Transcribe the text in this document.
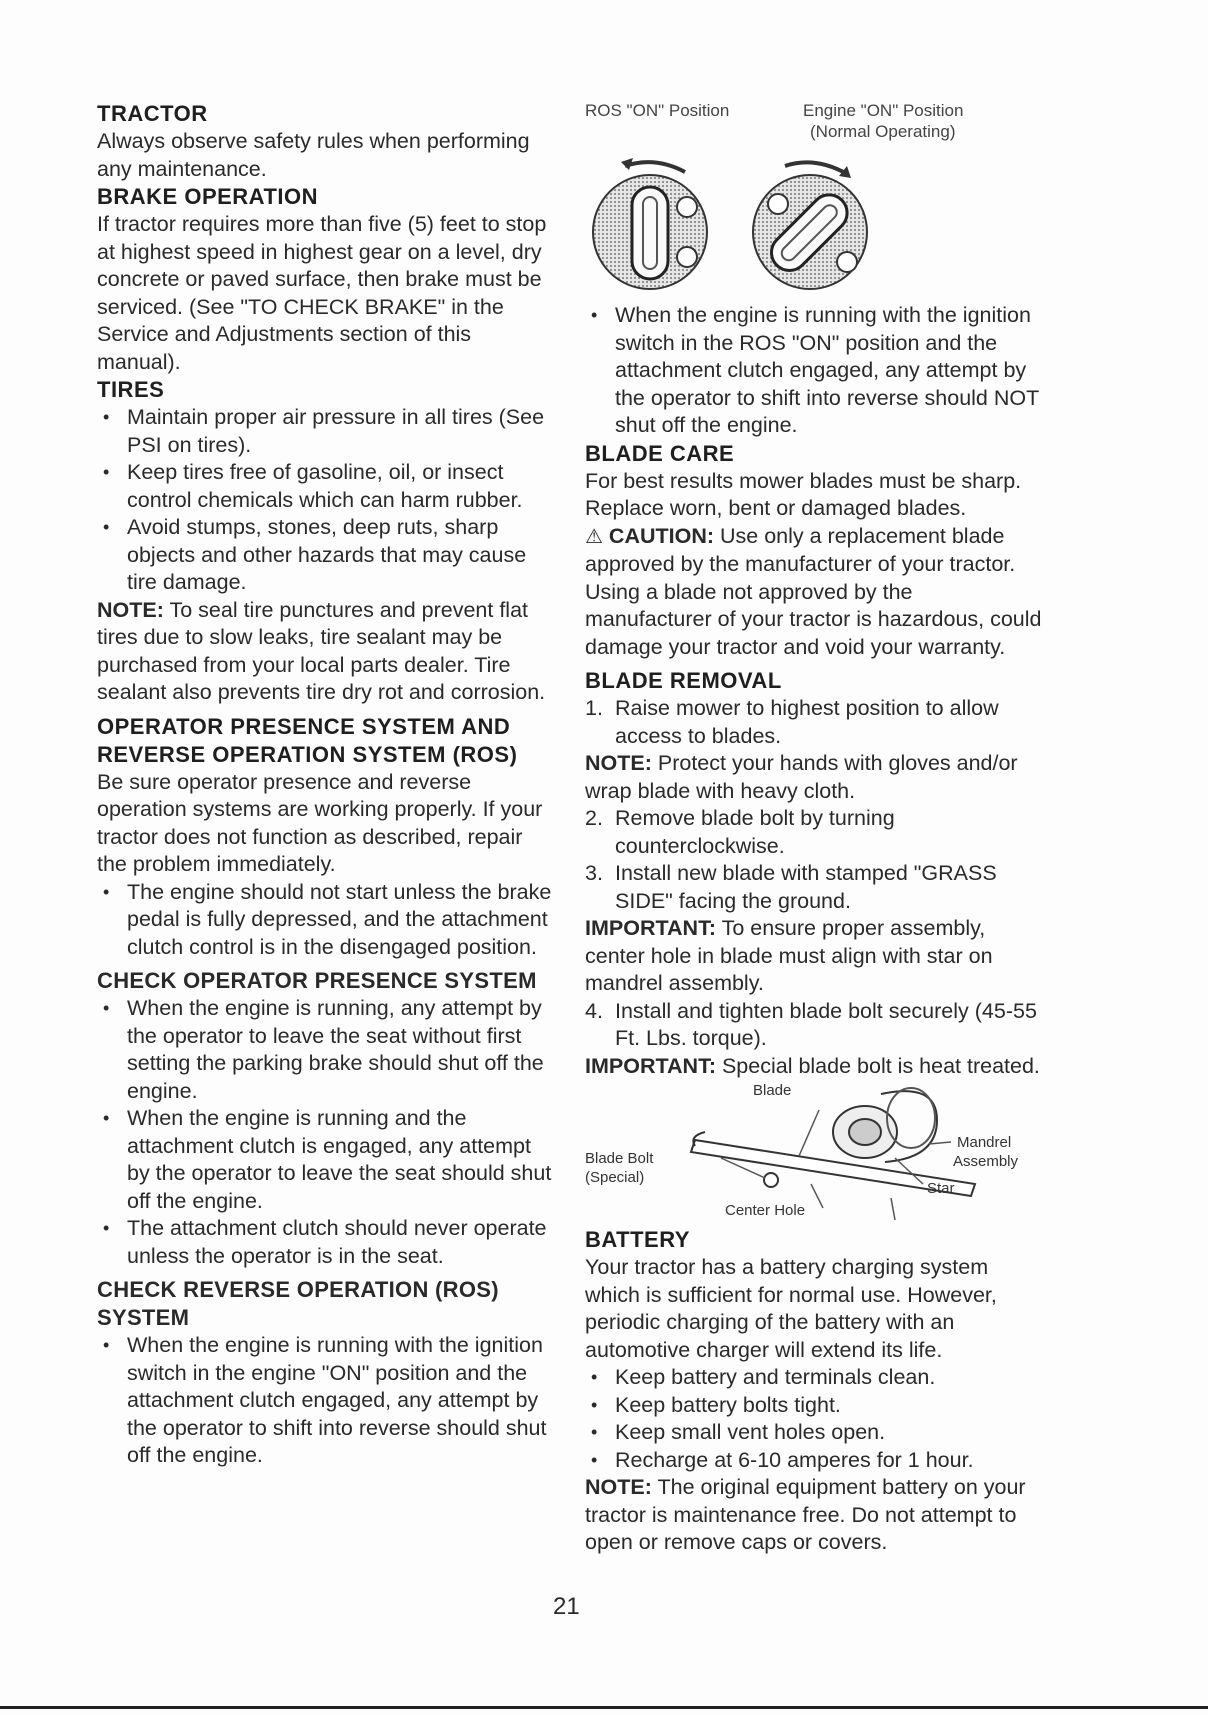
TRACTOR

Always observe safety rules when performing any maintenance.

BRAKE OPERATION

If tractor requires more than five (5) feet to stop at highest speed in highest gear on a level, dry concrete or paved surface, then brake must be serviced. (See "TO CHECK BRAKE" in the Service and Adjustments section of this manual).

TIRES
• Maintain proper air pressure in all tires (See PSI on tires).
• Keep tires free of gasoline, oil, or insect control chemicals which can harm rubber.
• Avoid stumps, stones, deep ruts, sharp objects and other hazards that may cause tire damage.

NOTE: To seal tire punctures and prevent flat tires due to slow leaks, tire sealant may be purchased from your local parts dealer. Tire sealant also prevents tire dry rot and corrosion.

OPERATOR PRESENCE SYSTEM AND REVERSE OPERATION SYSTEM (ROS)

Be sure operator presence and reverse operation systems are working properly. If your tractor does not function as described, repair the problem immediately.

• The engine should not start unless the brake pedal is fully depressed, and the attachment clutch control is in the disengaged position.
CHECK OPERATOR PRESENCE SYSTEM
• When the engine is running, any attempt by the operator to leave the seat without first setting the parking brake should shut off the engine.
• When the engine is running and the attachment clutch is engaged, any attempt by the operator to leave the seat should shut off the engine.
• The attachment clutch should never operate unless the operator is in the seat.
CHECK REVERSE OPERATION (ROS) SYSTEM
• When the engine is running with the ignition switch in the engine "ON" position and the attachment clutch engaged, any attempt by the operator to shift into reverse should shut off the engine.
ROS "ON" Position	Engine "ON" Position
(Normal Operating)
• When the engine is running with the ignition switch in the ROS "ON" position and the attachment clutch engaged, any attempt by the operator to shift into reverse should NOT shut off the engine.
BLADE CARE

For best results mower blades must be sharp. Replace worn, bent or damaged blades.

⚠ CAUTION: Use only a replacement blade approved by the manufacturer of your tractor. Using a blade not approved by the manufacturer of your tractor is hazardous, could damage your tractor and void your warranty.

BLADE REMOVAL
1. Raise mower to highest position to allow access to blades.

NOTE: Protect your hands with gloves and/or wrap blade with heavy cloth.

2. Remove blade bolt by turning counterclockwise.
3. Install new blade with stamped "GRASS SIDE" facing the ground.

IMPORTANT: To ensure proper assembly, center hole in blade must align with star on mandrel assembly.

4. Install and tighten blade bolt securely (45-55 Ft. Lbs. torque).

IMPORTANT: Special blade bolt is heat treated.

Blade
Mandrel
Assembly
Blade Bolt
(Special)
Star
Center Hole
BATTERY

Your tractor has a battery charging system which is sufficient for normal use. However, periodic charging of the battery with an automotive charger will extend its life.

• Keep battery and terminals clean.
• Keep battery bolts tight.
• Keep small vent holes open.
• Recharge at 6-10 amperes for 1 hour.

NOTE: The original equipment battery on your tractor is maintenance free. Do not attempt to open or remove caps or covers.

21
